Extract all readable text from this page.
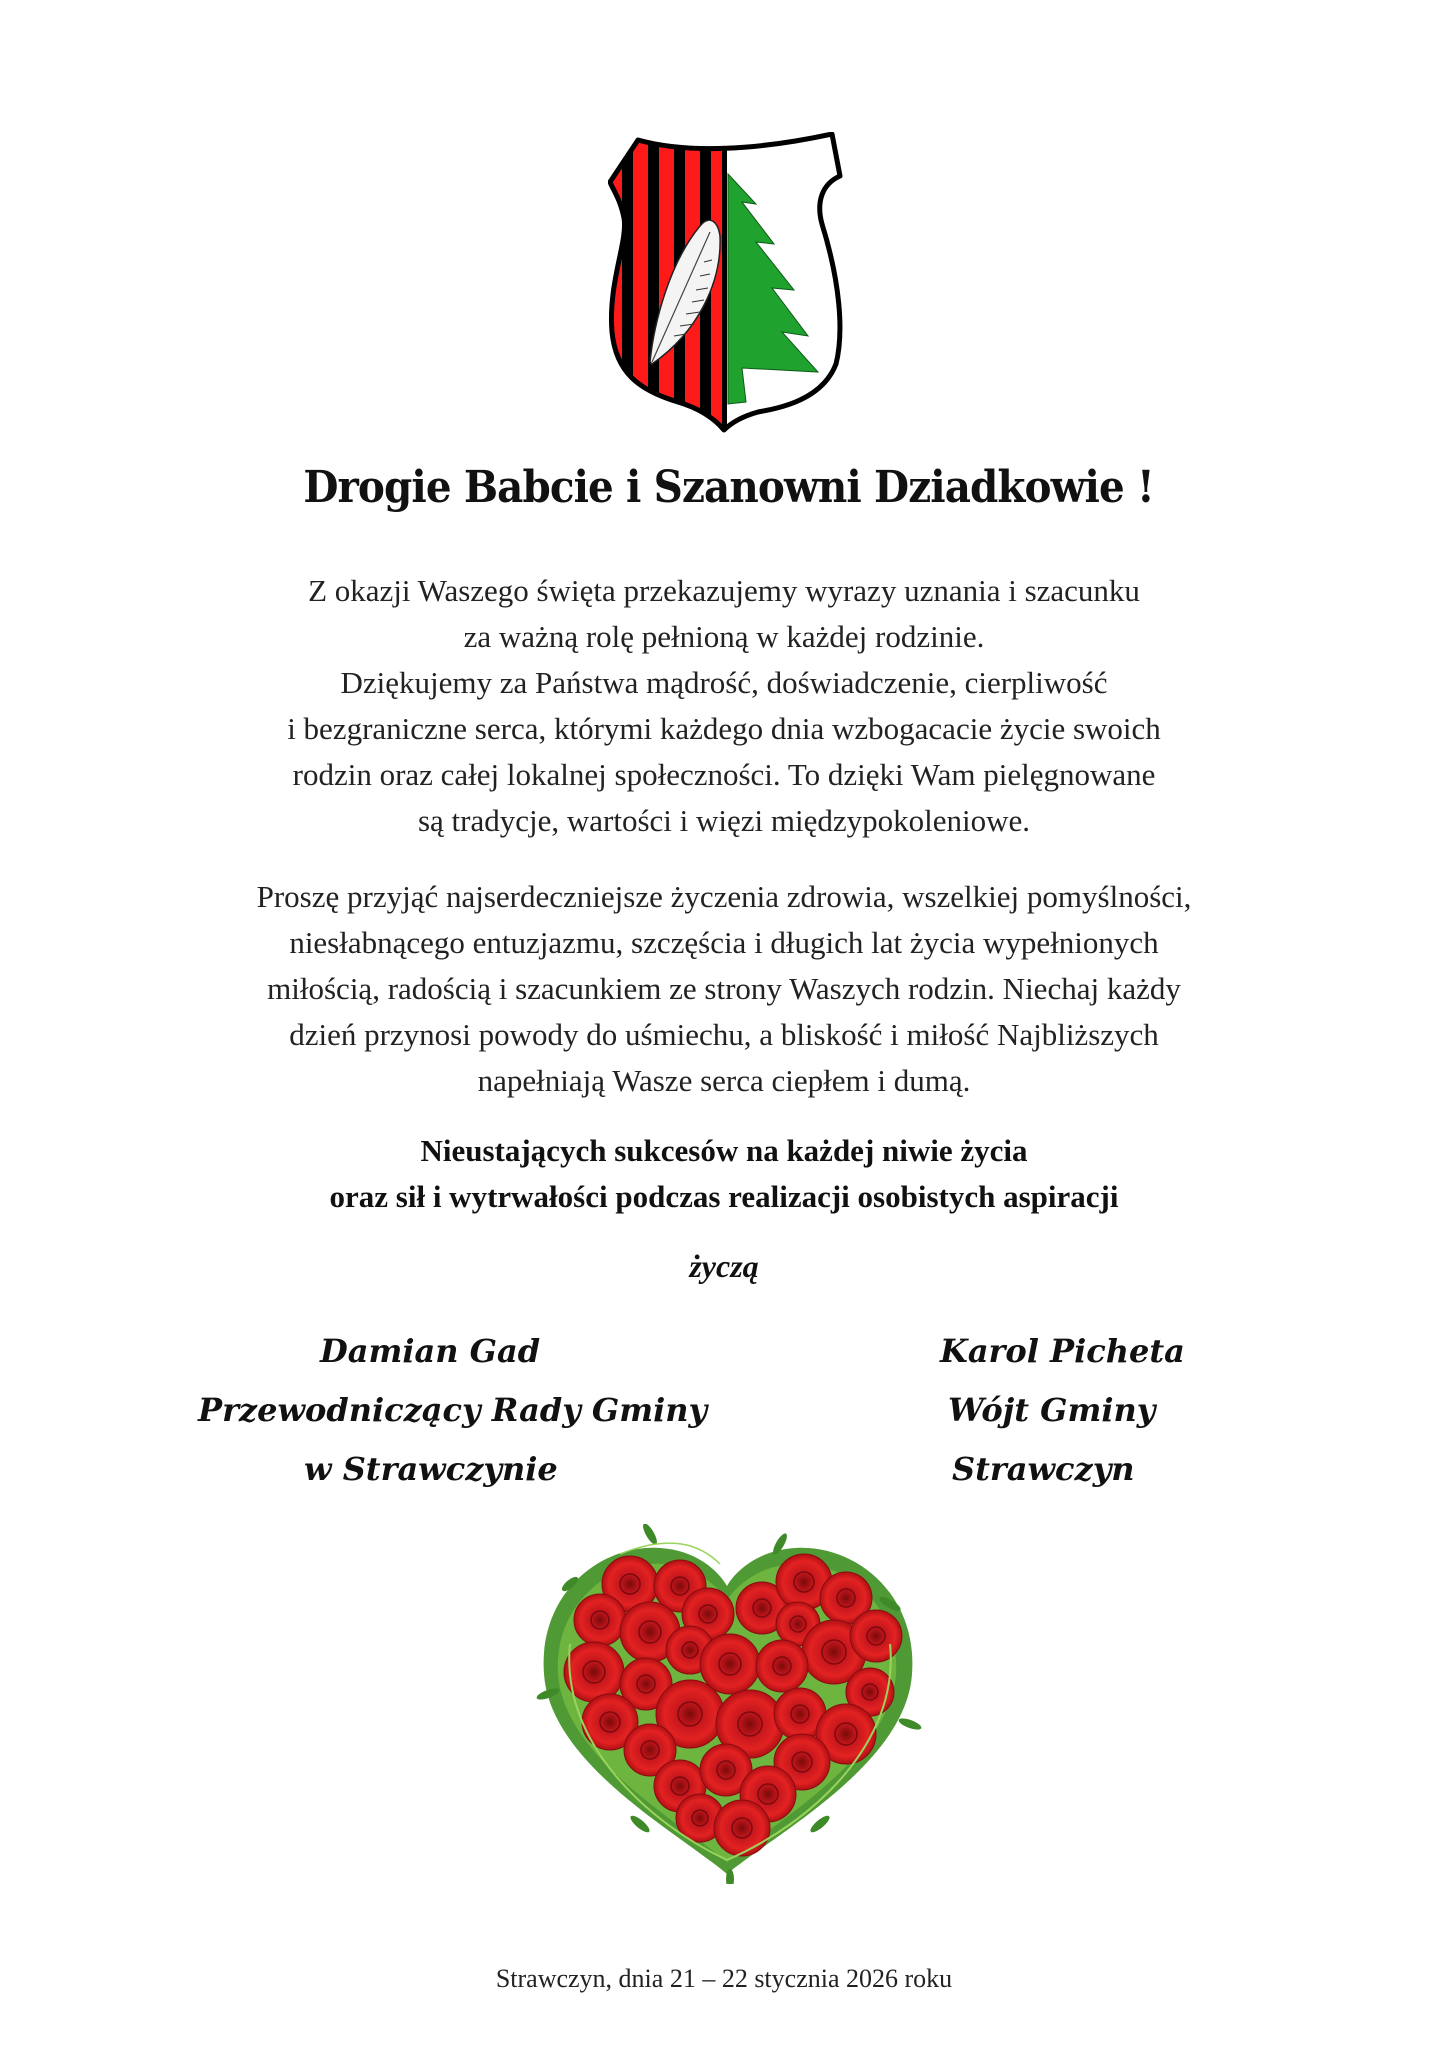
Drogie Babcie i Szanowni Dziadkowie !
Z okazji Waszego święta przekazujemy wyrazy uznania i szacunku
za ważną rolę pełnioną w każdej rodzinie.
Dziękujemy za Państwa mądrość, doświadczenie, cierpliwość
i bezgraniczne serca, którymi każdego dnia wzbogacacie życie swoich
rodzin oraz całej lokalnej społeczności. To dzięki Wam pielęgnowane
są tradycje, wartości i więzi międzypokoleniowe.
Proszę przyjąć najserdeczniejsze życzenia zdrowia, wszelkiej pomyślności,
niesłabnącego entuzjazmu, szczęścia i długich lat życia wypełnionych
miłością, radością i szacunkiem ze strony Waszych rodzin. Niechaj każdy
dzień przynosi powody do uśmiechu, a bliskość i miłość Najbliższych
napełniają Wasze serca ciepłem i dumą.
Nieustających sukcesów na każdej niwie życia
oraz sił i wytrwałości podczas realizacji osobistych aspiracji
życzą
Damian Gad
Przewodniczący Rady Gminy
w Strawczynie
Karol Picheta
Wójt Gminy
Strawczyn
Strawczyn, dnia 21 – 22 stycznia 2026 roku
